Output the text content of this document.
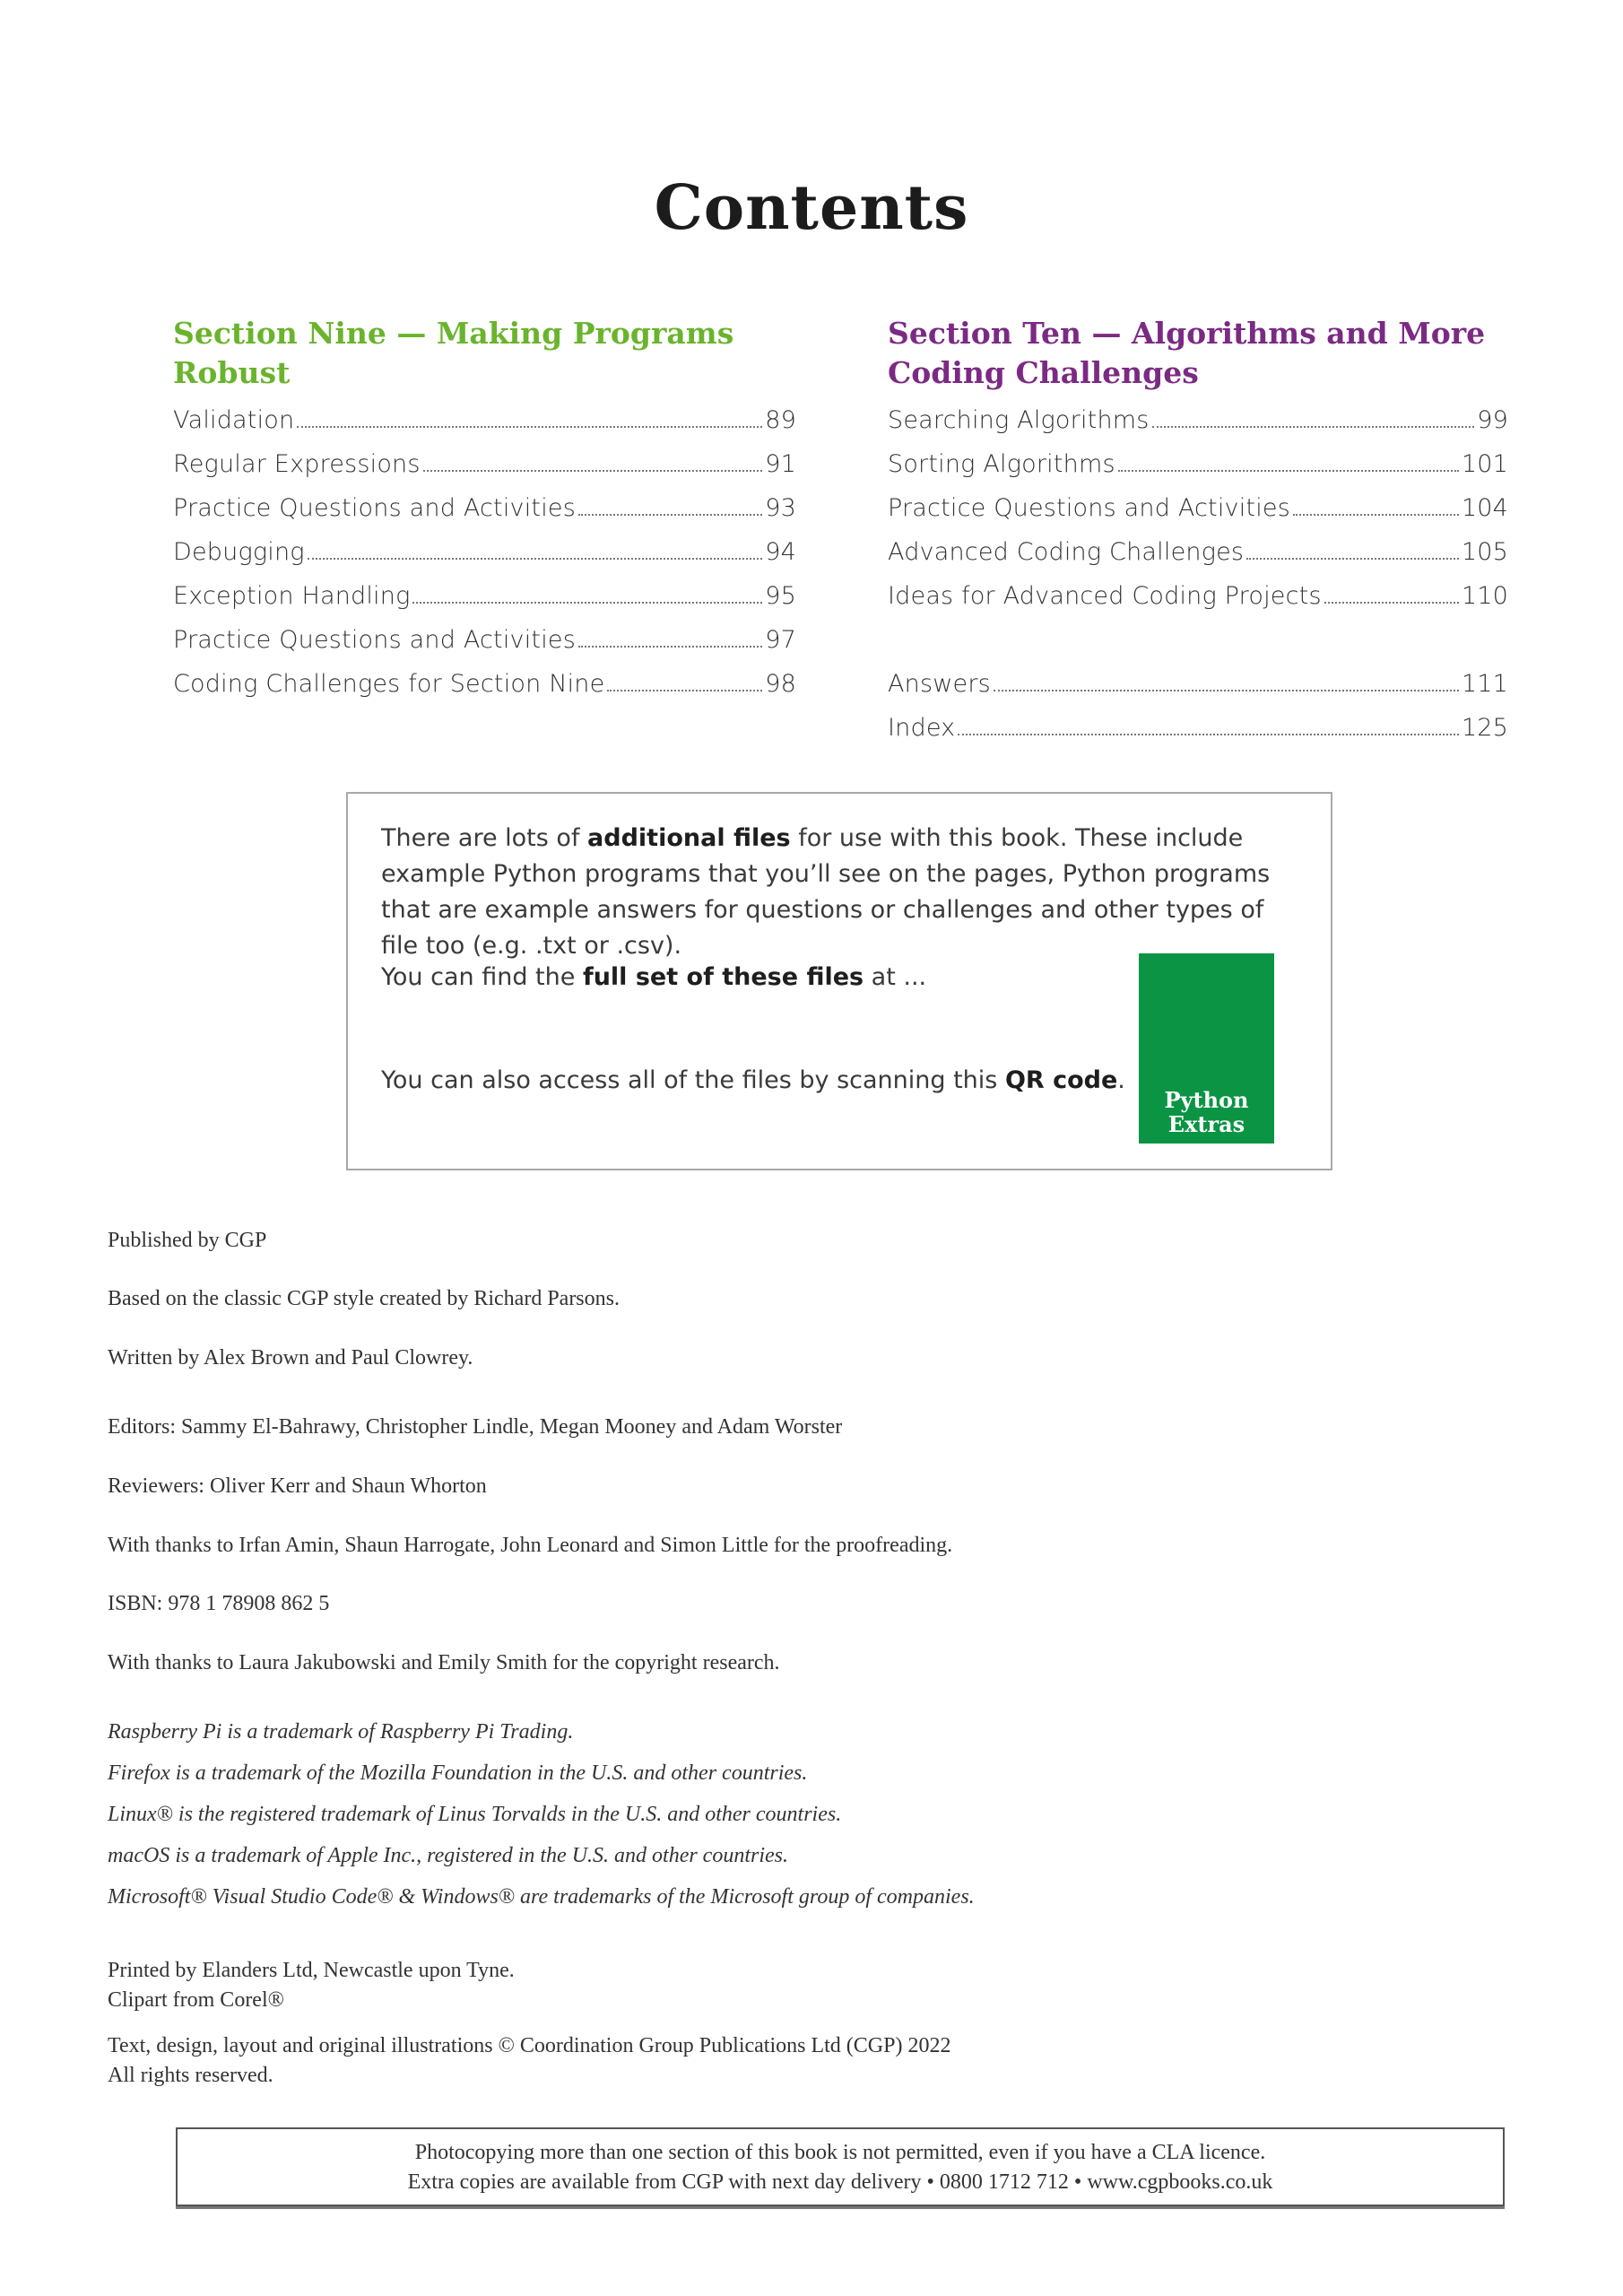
Contents
Section Nine — Making Programs Robust
Validation	89
Regular Expressions	91
Practice Questions and Activities	93
Debugging	94
Exception Handling	95
Practice Questions and Activities	97
Coding Challenges for Section Nine	98
Section Ten — Algorithms and More Coding Challenges
Searching Algorithms	99
Sorting Algorithms	101
Practice Questions and Activities	104
Advanced Coding Challenges	105
Ideas for Advanced Coding Projects	110
Answers	111
Index	125

There are lots of additional files for use with this book. These include example Python programs that you’ll see on the pages, Python programs that are example answers for questions or challenges and other types of file too (e.g. .txt or .csv).

You can find the full set of these files at ...

You can also access all of the files by scanning this QR code.

Python
Extras
Published by CGP
Based on the classic CGP style created by Richard Parsons.
Written by Alex Brown and Paul Clowrey.
Editors: Sammy El-Bahrawy, Christopher Lindle, Megan Mooney and Adam Worster
Reviewers: Oliver Kerr and Shaun Whorton
With thanks to Irfan Amin, Shaun Harrogate, John Leonard and Simon Little for the proofreading.
ISBN: 978 1 78908 862 5
With thanks to Laura Jakubowski and Emily Smith for the copyright research.
Raspberry Pi is a trademark of Raspberry Pi Trading.
Firefox is a trademark of the Mozilla Foundation in the U.S. and other countries.
Linux® is the registered trademark of Linus Torvalds in the U.S. and other countries.
macOS is a trademark of Apple Inc., registered in the U.S. and other countries.
Microsoft® Visual Studio Code® & Windows® are trademarks of the Microsoft group of companies.
Printed by Elanders Ltd, Newcastle upon Tyne.
Clipart from Corel®
Text, design, layout and original illustrations © Coordination Group Publications Ltd (CGP) 2022
All rights reserved.
Photocopying more than one section of this book is not permitted, even if you have a CLA licence.
Extra copies are available from CGP with next day delivery • 0800 1712 712 • www.cgpbooks.co.uk
